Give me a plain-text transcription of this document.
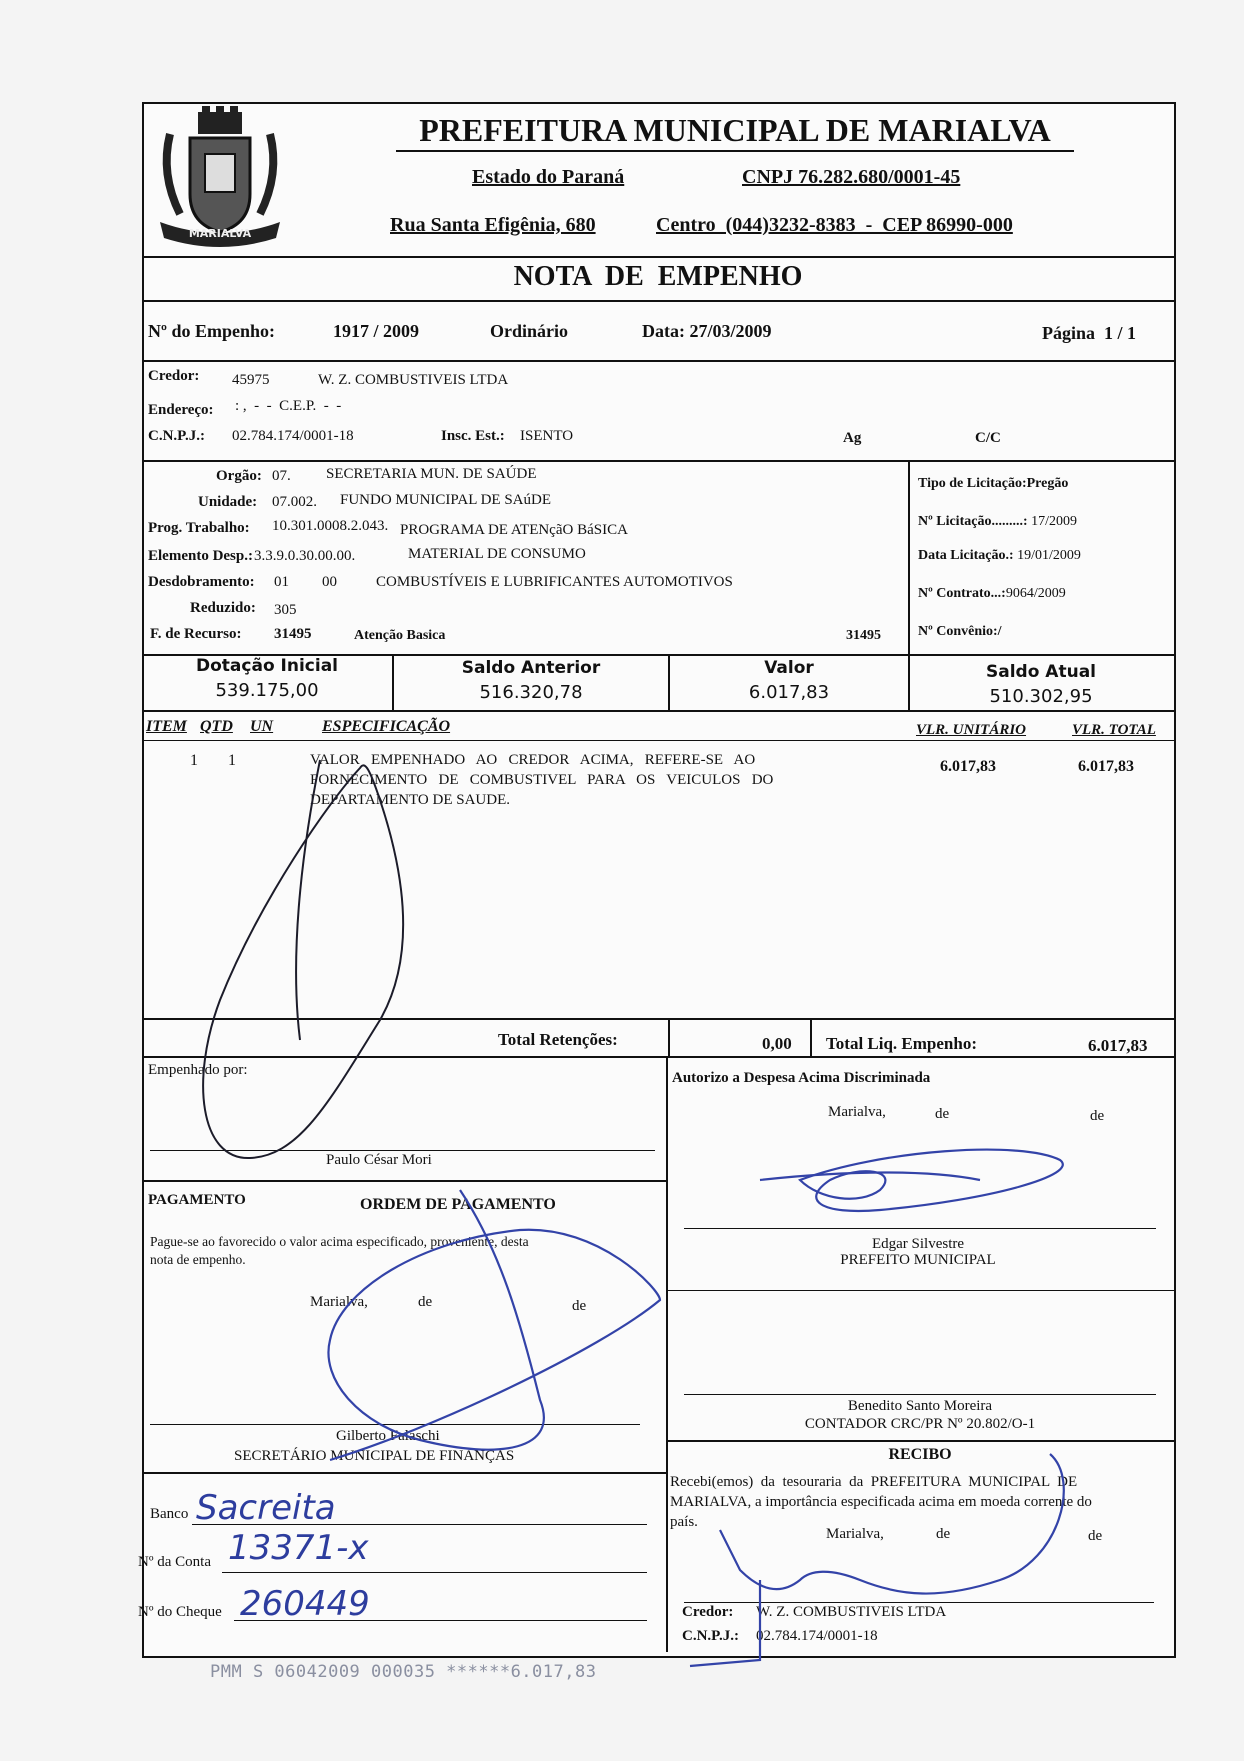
MARIALVA
PREFEITURA MUNICIPAL DE MARIALVA
Estado do Paraná	CNPJ 76.282.680/0001-45
Rua Santa Efigênia, 680	Centro  (044)3232-8383  -  CEP 86990-000
NOTA  DE  EMPENHO
Nº do Empenho:	1917 / 2009	Ordinário	Data: 27/03/2009	Página  1 / 1
Credor: 45975	W. Z. COMBUSTIVEIS LTDA
Endereço: : ,  -  -  C.E.P.  -  -
C.N.P.J.: 02.784.174/0001-18	Insc. Est.: ISENTO	Ag	C/C
Orgão: 07. SECRETARIA MUN. DE SAÚDE
Unidade: 07.002. FUNDO MUNICIPAL DE SAúDE
Prog. Trabalho: 10.301.0008.2.043. PROGRAMA DE ATENçãO BáSICA
Elemento Desp.: 3.3.9.0.30.00.00.	MATERIAL DE CONSUMO
Desdobramento: 01 00	COMBUSTÍVEIS E LUBRIFICANTES AUTOMOTIVOS
Reduzido: 305
F. de Recurso: 31495	Atenção Basica	31495
Tipo de Licitação:Pregão
Nº Licitação.........: 17/2009
Data Licitação.: 19/01/2009
Nº Contrato...:9064/2009
Nº Convênio:/
Dotação Inicial
539.175,00
Saldo Anterior
516.320,78
Valor
6.017,83
Saldo Atual
510.302,95
ITEM QTD UN	ESPECIFICAÇÃO	VLR. UNITÁRIO	VLR. TOTAL
1 1	VALOR   EMPENHADO   AO   CREDOR   ACIMA,   REFERE-SE   AO
FORNECIMENTO   DE   COMBUSTIVEL   PARA   OS   VEICULOS   DO
DEPARTAMENTO DE SAUDE.
6.017,83	6.017,83
Total Retenções:	0,00 Total Liq. Empenho:	6.017,83
Empenhado por:
Paulo César Mori
Autorizo a Despesa Acima Discriminada
Marialva,	de	de
Edgar Silvestre
PREFEITO MUNICIPAL
PAGAMENTO	ORDEM DE PAGAMENTO
Pague-se ao favorecido o valor acima especificado, proveniente, desta
nota de empenho.
Marialva,	de	de
Gilberto Falaschi
SECRETÁRIO MUNICIPAL DE FINANÇAS
Benedito Santo Moreira
CONTADOR CRC/PR Nº 20.802/O-1
Banco Sacreita
Nº da Conta 13371-x
Nº do Cheque 260449
RECIBO
Recebi(emos)  da  tesouraria  da  PREFEITURA  MUNICIPAL  DE
MARIALVA, a importância especificada acima em moeda corrente do
país.
Marialva,	de	de
Credor: W. Z. COMBUSTIVEIS LTDA
C.N.P.J.: 02.784.174/0001-18
PMM S 06042009 000035 ******6.017,83
